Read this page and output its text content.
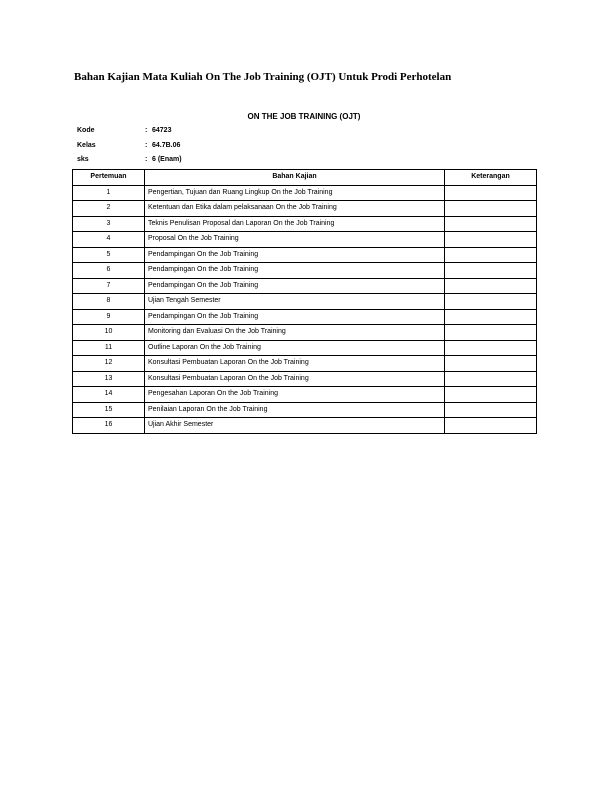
Bahan Kajian Mata Kuliah On The Job Training (OJT) Untuk Prodi Perhotelan
ON THE JOB TRAINING (OJT)
Kode	: 64723
Kelas	: 64.7B.06
sks	: 6 (Enam)
Pertemuan	Bahan Kajian	Keterangan
1	Pengertian, Tujuan dan Ruang Lingkup On the Job Training	
2	Ketentuan dan Etika dalam pelaksanaan On the Job Training	
3	Teknis Penulisan Proposal dan Laporan On the Job Training	
4	Proposal On the Job Training	
5	Pendampingan On the Job Training	
6	Pendampingan On the Job Training	
7	Pendampingan On the Job Training	
8	Ujian Tengah Semester	
9	Pendampingan On the Job Training	
10	Monitoring dan Evaluasi On the Job Training	
11	Outline Laporan On the Job Training	
12	Konsultasi Pembuatan Laporan On the Job Training	
13	Konsultasi Pembuatan Laporan On the Job Training	
14	Pengesahan Laporan On the Job Training	
15	Penilaian Laporan On the Job Training	
16	Ujian Akhir Semester	
